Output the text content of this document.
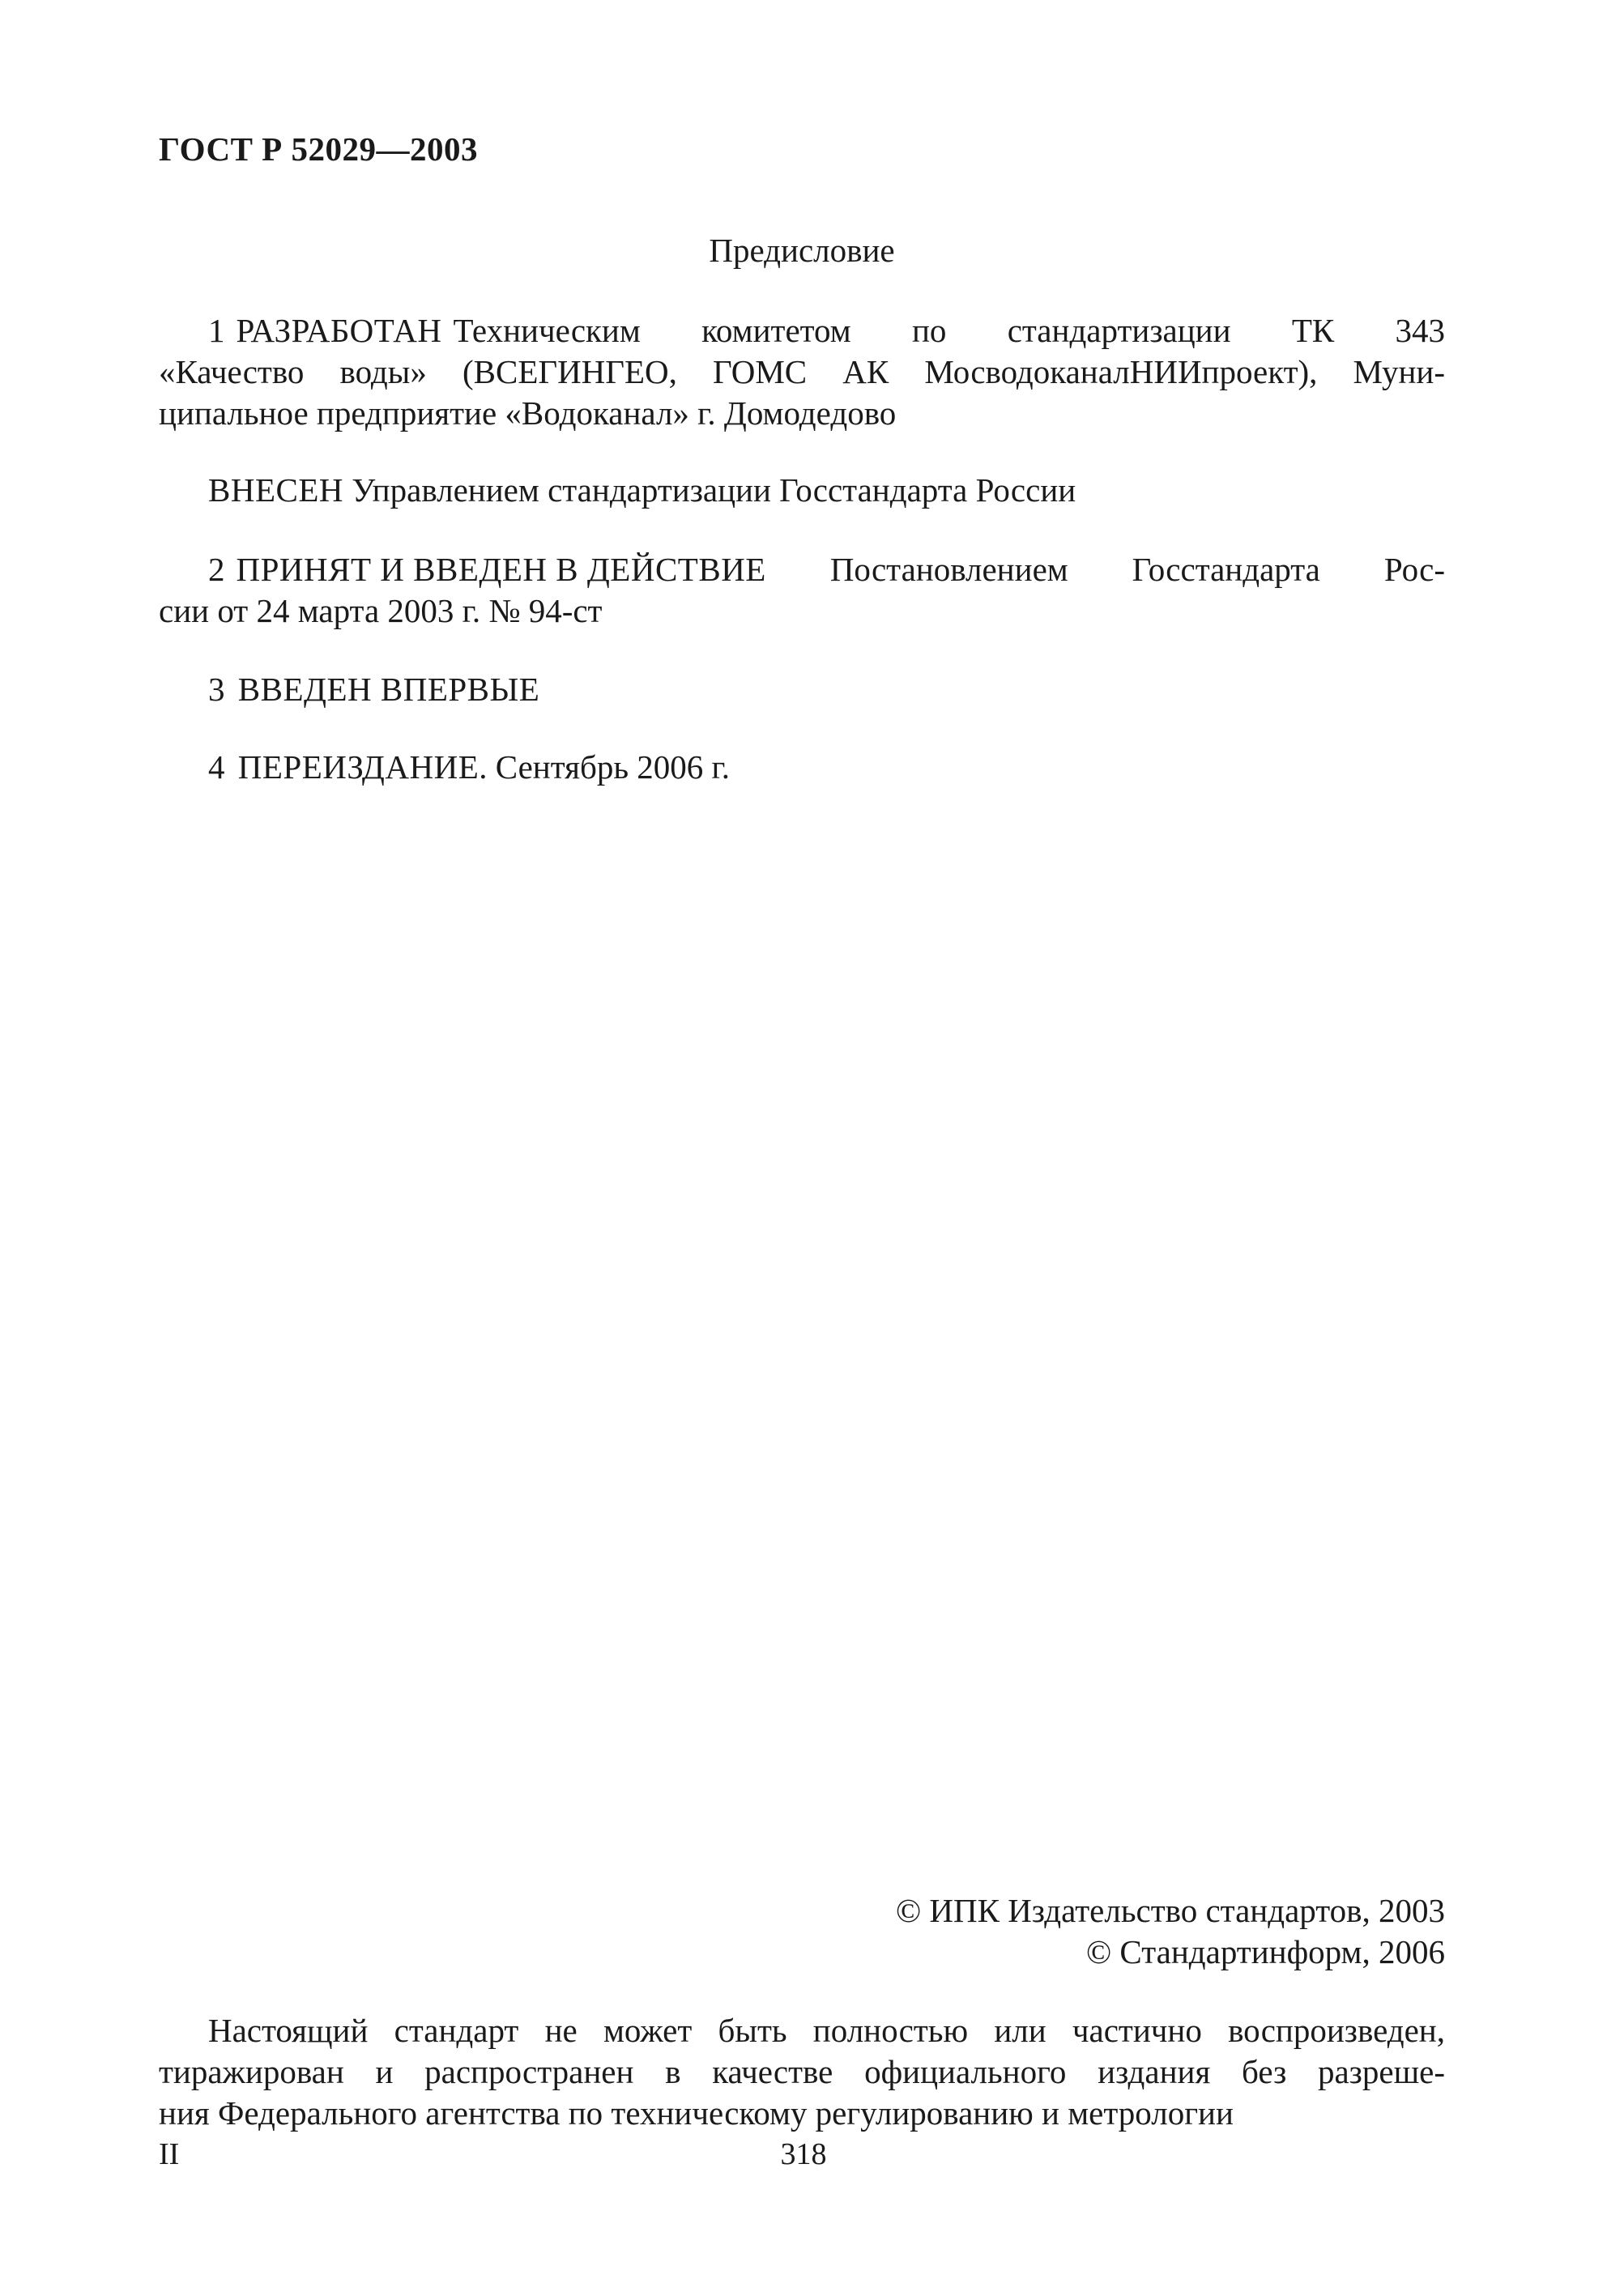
ГОСТ Р 52029—2003
Предисловие
1 РАЗРАБОТАН Техническим комитетом по стандартизации ТК 343
«Качество воды» (ВСЕГИНГЕО, ГОМС АК МосводоканалНИИпроект), Муни-
ципальное предприятие «Водоканал» г. Домодедово
ВНЕСЕН Управлением стандартизации Госстандарта России
2 ПРИНЯТ И ВВЕДЕН В ДЕЙСТВИЕ Постановлением Госстандарта Рос-
сии от 24 марта 2003 г. № 94-ст
3 ВВЕДЕН ВПЕРВЫЕ
4 ПЕРЕИЗДАНИЕ. Сентябрь 2006 г.
© ИПК Издательство стандартов, 2003
© Стандартинформ, 2006
Настоящий стандарт не может быть полностью или частично воспроизведен,
тиражирован и распространен в качестве официального издания без разреше-
ния Федерального агентства по техническому регулированию и метрологии
II	318
